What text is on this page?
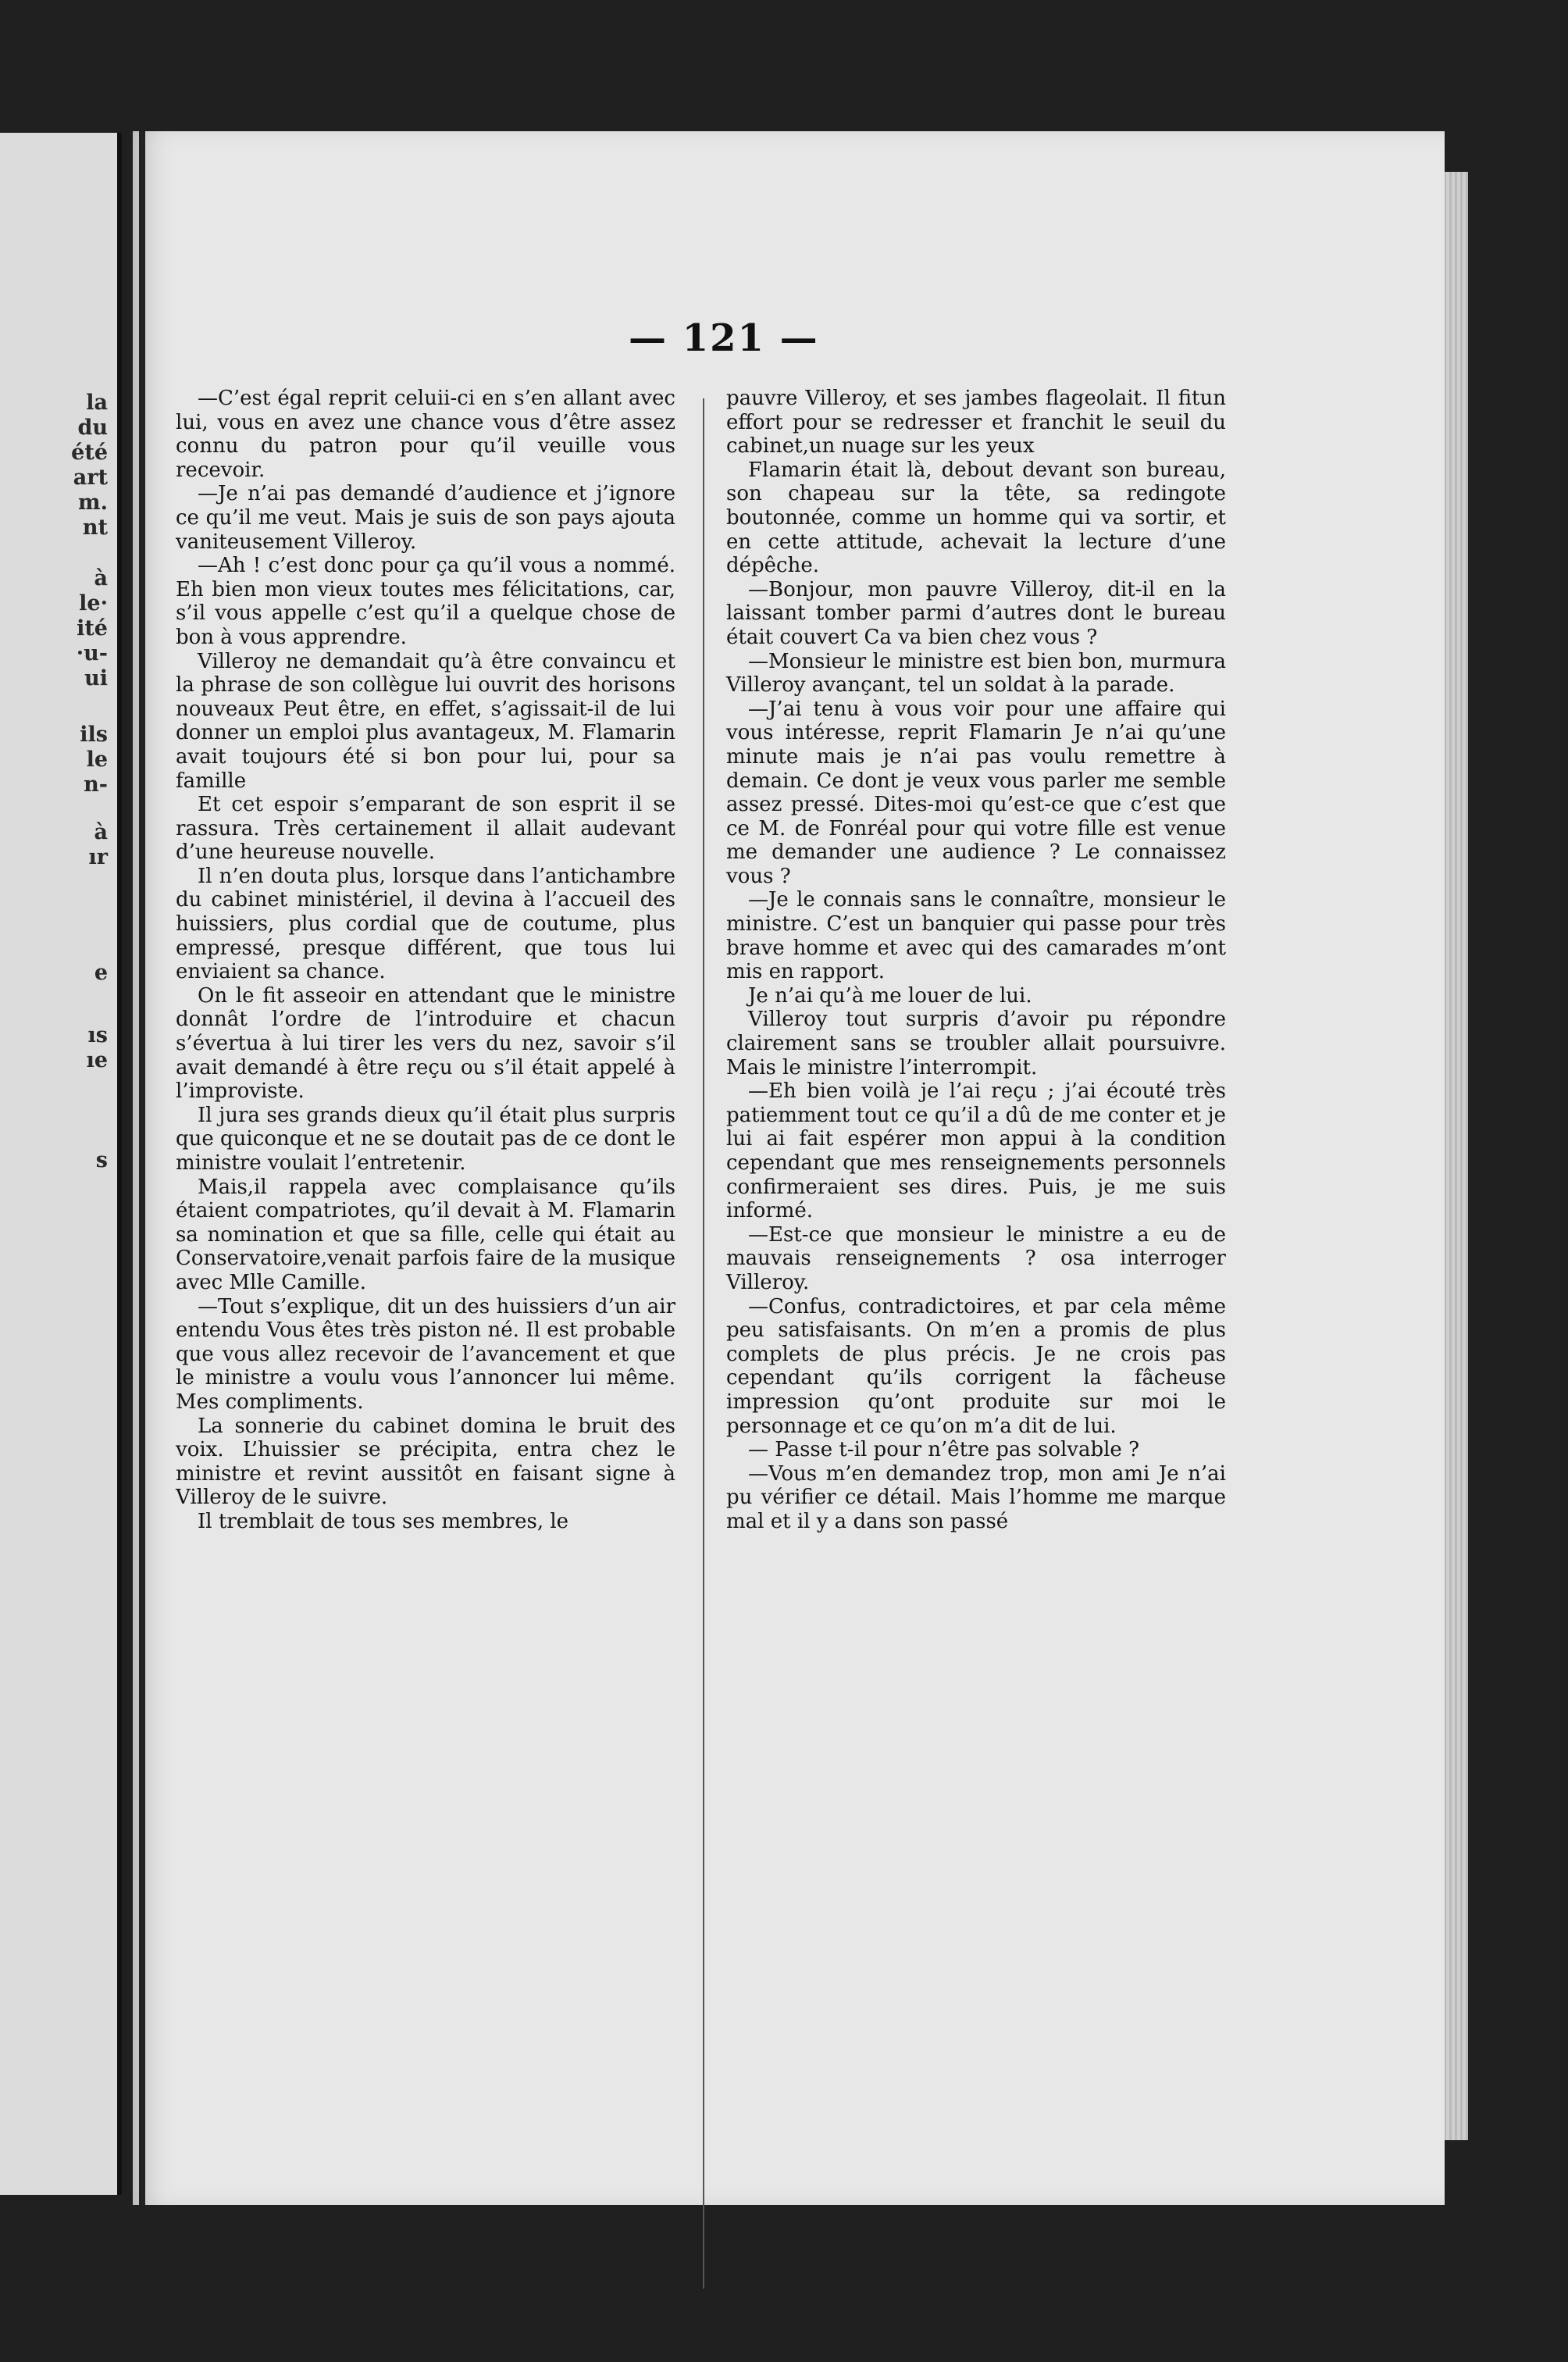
la
du
été
art
m.
nt
à
le·
ité
·u-
ui
ils
le
n-
à
ır
e
ıs
ıe
s
— 121 —

—C’est égal reprit celuii-ci en s’en allant avec lui, vous en avez une chance vous d’être assez connu du patron pour qu’il veuille vous recevoir.

—Je n’ai pas demandé d’audience et j’ignore ce qu’il me veut. Mais je suis de son pays ajouta vaniteusement Villeroy.

—Ah ! c’est donc pour ça qu’il vous a nommé. Eh bien mon vieux toutes mes félicitations, car, s’il vous appelle c’est qu’il a quelque chose de bon à vous apprendre.

Villeroy ne demandait qu’à être convaincu et la phrase de son collègue lui ouvrit des horisons nouveaux Peut être, en effet, s’agissait-il de lui donner un emploi plus avantageux, M. Flamarin avait toujours été si bon pour lui, pour sa famille

Et cet espoir s’emparant de son esprit il se rassura. Très certainement il allait audevant d’une heureuse nouvelle.

Il n’en douta plus, lorsque dans l’antichambre du cabinet ministériel, il devina à l’accueil des huissiers, plus cordial que de coutume, plus empressé, presque différent, que tous lui enviaient sa chance.

On le fit asseoir en attendant que le ministre donnât l’ordre de l’introduire et chacun s’évertua à lui tirer les vers du nez, savoir s’il avait demandé à être reçu ou s’il était appelé à l’improviste.

Il jura ses grands dieux qu’il était plus surpris que quiconque et ne se doutait pas de ce dont le ministre voulait l’entretenir.

Mais,il rappela avec complaisance qu’ils étaient compatriotes, qu’il devait à M. Flamarin sa nomination et que sa fille, celle qui était au Conservatoire,venait parfois faire de la musique avec Mlle Camille.

—Tout s’explique, dit un des huissiers d’un air entendu Vous êtes très piston né. Il est probable que vous allez recevoir de l’avancement et que le ministre a voulu vous l’annoncer lui même. Mes compliments.

La sonnerie du cabinet domina le bruit des voix. L’huissier se précipita, entra chez le ministre et revint aussitôt en faisant signe à Villeroy de le suivre.

Il tremblait de tous ses membres, le

pauvre Villeroy, et ses jambes flageolait. Il fitun effort pour se redresser et franchit le seuil du cabinet,un nuage sur les yeux

Flamarin était là, debout devant son bureau, son chapeau sur la tête, sa redingote boutonnée, comme un homme qui va sortir, et en cette attitude, achevait la lecture d’une dépêche.

—Bonjour, mon pauvre Villeroy, dit-il en la laissant tomber parmi d’autres dont le bureau était couvert Ca va bien chez vous ?

—Monsieur le ministre est bien bon, murmura Villeroy avançant, tel un soldat à la parade.

—J’ai tenu à vous voir pour une affaire qui vous intéresse, reprit Flamarin Je n’ai qu’une minute mais je n’ai pas voulu remettre à demain. Ce dont je veux vous parler me semble assez pressé. Dites-moi qu’est-ce que c’est que ce M. de Fonréal pour qui votre fille est venue me demander une audience ? Le connaissez vous ?

—Je le connais sans le connaître, monsieur le ministre. C’est un banquier qui passe pour très brave homme et avec qui des camarades m’ont mis en rapport.

Je n’ai qu’à me louer de lui.

Villeroy tout surpris d’avoir pu répondre clairement sans se troubler allait poursuivre. Mais le ministre l’interrompit.

—Eh bien voilà je l’ai reçu ; j’ai écouté très patiemment tout ce qu’il a dû de me conter et je lui ai fait espérer mon appui à la condition cependant que mes renseignements personnels confirmeraient ses dires. Puis, je me suis informé.

—Est-ce que monsieur le ministre a eu de mauvais renseignements ? osa interroger Villeroy.

—Confus, contradictoires, et par cela même peu satisfaisants. On m’en a promis de plus complets de plus précis. Je ne crois pas cependant qu’ils corrigent la fâcheuse impression qu’ont produite sur moi le personnage et ce qu’on m’a dit de lui.

— Passe t-il pour n’être pas solvable ?

—Vous m’en demandez trop, mon ami Je n’ai pu vérifier ce détail. Mais l’homme me marque mal et il y a dans son passé
